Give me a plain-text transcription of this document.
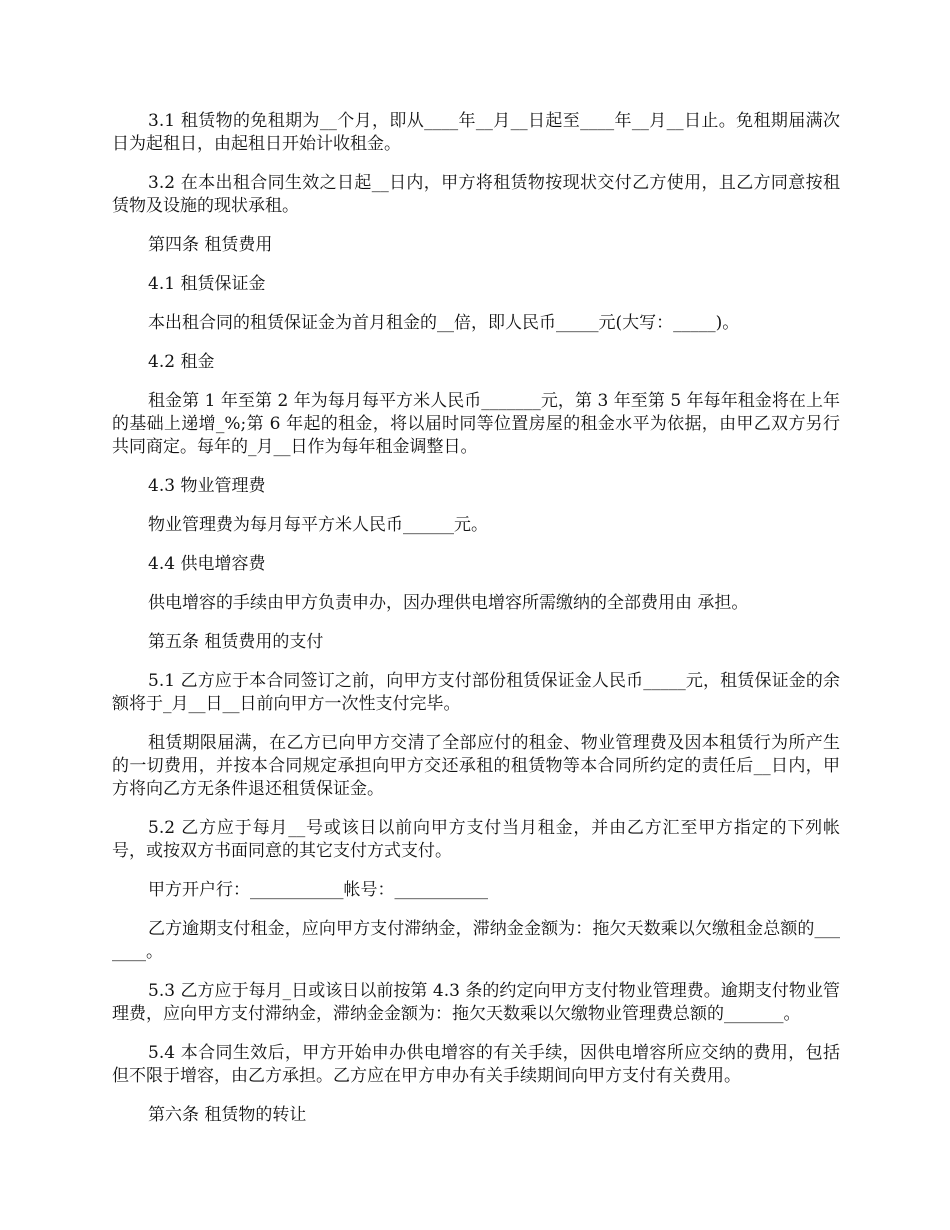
3.1 租赁物的免租期为__个月，即从____年__月__日起至____年__月__日止。免租期届满次日为起租日，由起租日开始计收租金。

3.2 在本出租合同生效之日起__日内，甲方将租赁物按现状交付乙方使用，且乙方同意按租赁物及设施的现状承租。

第四条 租赁费用

4.1 租赁保证金

本出租合同的租赁保证金为首月租金的__倍，即人民币_____元(大写：_____)。

4.2 租金

租金第 1 年至第 2 年为每月每平方米人民币_______元，第 3 年至第 5 年每年租金将在上年的基础上递增_%;第 6 年起的租金，将以届时同等位置房屋的租金水平为依据，由甲乙双方另行共同商定。每年的_月__日作为每年租金调整日。

4.3 物业管理费

物业管理费为每月每平方米人民币______元。

4.4 供电增容费

供电增容的手续由甲方负责申办，因办理供电增容所需缴纳的全部费用由 承担。

第五条 租赁费用的支付

5.1 乙方应于本合同签订之前，向甲方支付部份租赁保证金人民币_____元，租赁保证金的余额将于_月__日__日前向甲方一次性支付完毕。

租赁期限届满，在乙方已向甲方交清了全部应付的租金、物业管理费及因本租赁行为所产生的一切费用，并按本合同规定承担向甲方交还承租的租赁物等本合同所约定的责任后__日内，甲方将向乙方无条件退还租赁保证金。

5.2 乙方应于每月__号或该日以前向甲方支付当月租金，并由乙方汇至甲方指定的下列帐号，或按双方书面同意的其它支付方式支付。

甲方开户行：___________帐号：___________

乙方逾期支付租金，应向甲方支付滞纳金，滞纳金金额为：拖欠天数乘以欠缴租金总额的_______。

5.3 乙方应于每月_日或该日以前按第 4.3 条的约定向甲方支付物业管理费。逾期支付物业管理费，应向甲方支付滞纳金，滞纳金金额为：拖欠天数乘以欠缴物业管理费总额的_______。

5.4 本合同生效后，甲方开始申办供电增容的有关手续，因供电增容所应交纳的费用，包括但不限于增容，由乙方承担。乙方应在甲方申办有关手续期间向甲方支付有关费用。

第六条 租赁物的转让
